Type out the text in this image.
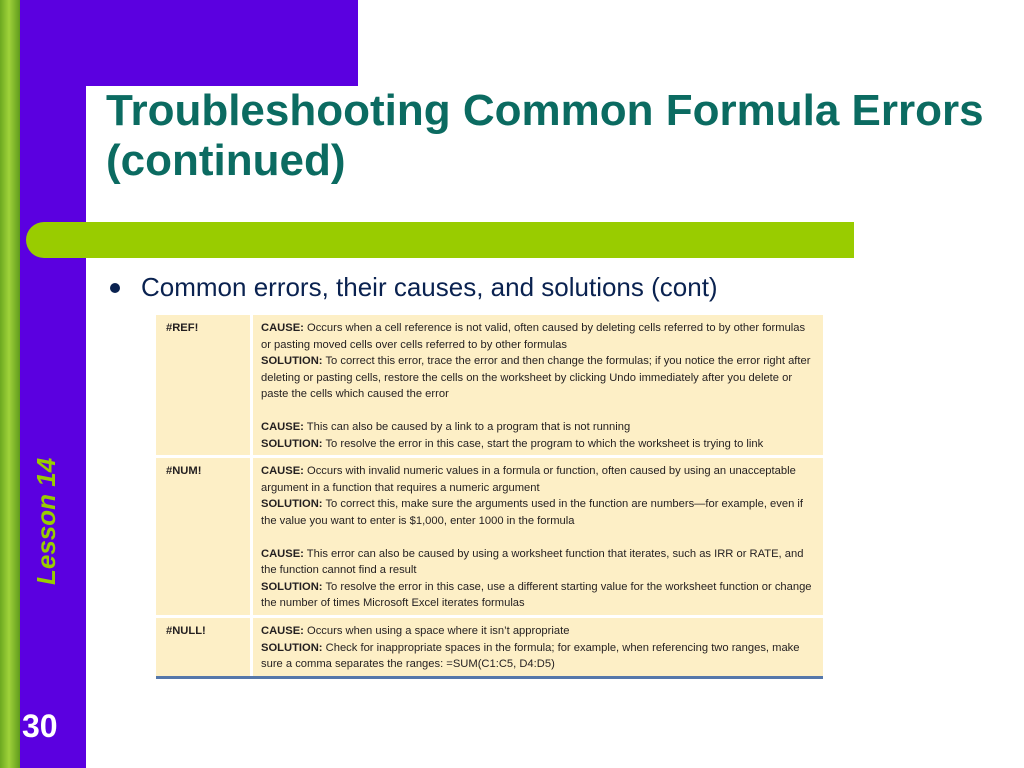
Troubleshooting Common Formula Errors (continued)
Lesson 14
30
Common errors, their causes, and solutions (cont)
#REF!	CAUSE: Occurs when a cell reference is not valid, often caused by deleting cells referred to by other formulas or pasting moved cells over cells referred to by other formulas
SOLUTION: To correct this error, trace the error and then change the formulas; if you notice the error right after deleting or pasting cells, restore the cells on the worksheet by clicking Undo immediately after you delete or paste the cells which caused the error
CAUSE: This can also be caused by a link to a program that is not running
SOLUTION: To resolve the error in this case, start the program to which the worksheet is trying to link
#NUM!	CAUSE: Occurs with invalid numeric values in a formula or function, often caused by using an unacceptable argument in a function that requires a numeric argument
SOLUTION: To correct this, make sure the arguments used in the function are numbers—for example, even if the value you want to enter is $1,000, enter 1000 in the formula
CAUSE: This error can also be caused by using a worksheet function that iterates, such as IRR or RATE, and the function cannot find a result
SOLUTION: To resolve the error in this case, use a different starting value for the worksheet function or change the number of times Microsoft Excel iterates formulas
#NULL!	CAUSE: Occurs when using a space where it isn’t appropriate
SOLUTION: Check for inappropriate spaces in the formula; for example, when referencing two ranges, make sure a comma separates the ranges: =SUM(C1:C5, D4:D5)
